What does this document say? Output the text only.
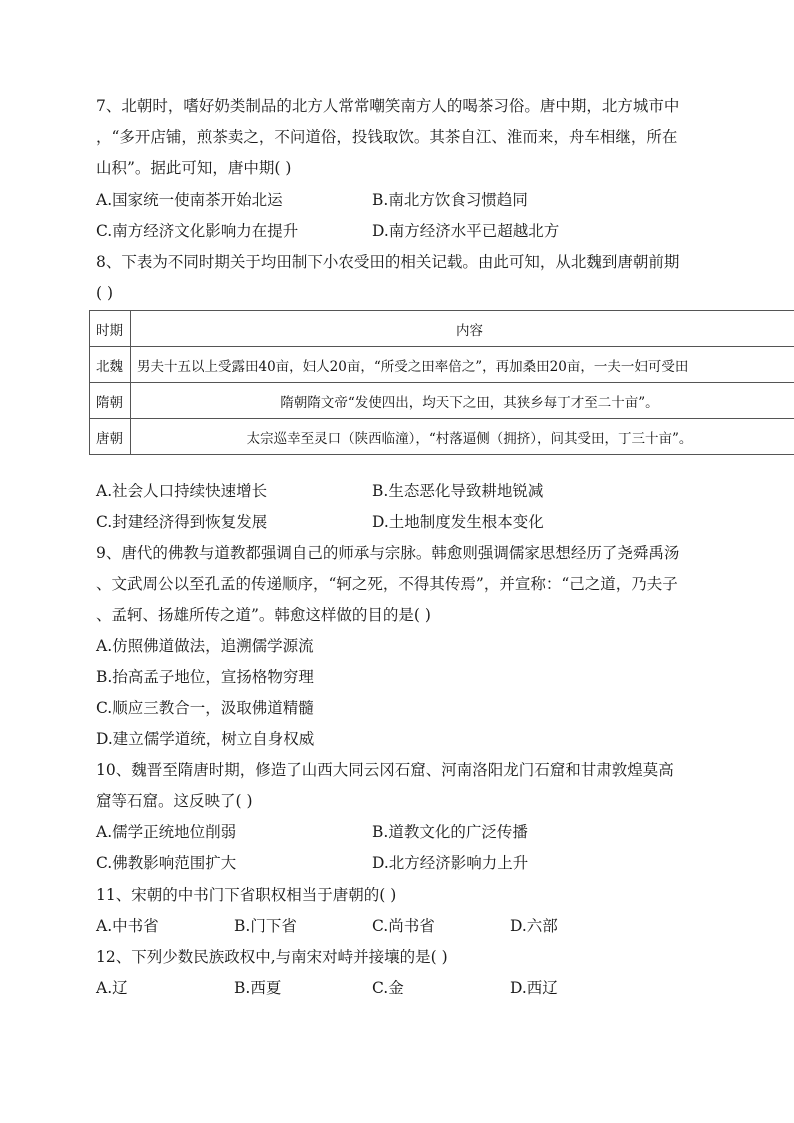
7、北朝时，嗜好奶类制品的北方人常常嘲笑南方人的喝茶习俗。唐中期，北方城市中
，“多开店铺，煎茶卖之，不问道俗，投钱取饮。其茶自江、淮而来，舟车相继，所在
山积”。据此可知，唐中期( )
A.国家统一使南茶开始北运	B.南北方饮食习惯趋同
C.南方经济文化影响力在提升	D.南方经济水平已超越北方
8、下表为不同时期关于均田制下小农受田的相关记载。由此可知，从北魏到唐朝前期
( )
时期	内容
北魏	男夫十五以上受露田40亩，妇人20亩，“所受之田率倍之”，再加桑田20亩，一夫一妇可受田
隋朝	隋朝隋文帝“发使四出，均天下之田，其狭乡每丁才至二十亩”。
唐朝	太宗巡幸至灵口（陕西临潼），“村落逼侧（拥挤），问其受田，丁三十亩”。
A.社会人口持续快速增长	B.生态恶化导致耕地锐减
C.封建经济得到恢复发展	D.土地制度发生根本变化
9、唐代的佛教与道教都强调自己的师承与宗脉。韩愈则强调儒家思想经历了尧舜禹汤
、文武周公以至孔孟的传递顺序，“轲之死，不得其传焉”，并宣称：“己之道，乃夫子
、孟轲、扬雄所传之道”。韩愈这样做的目的是( )
A.仿照佛道做法，追溯儒学源流
B.抬高孟子地位，宣扬格物穷理
C.顺应三教合一，汲取佛道精髓
D.建立儒学道统，树立自身权威
10、魏晋至隋唐时期，修造了山西大同云冈石窟、河南洛阳龙门石窟和甘肃敦煌莫高
窟等石窟。这反映了( )
A.儒学正统地位削弱	B.道教文化的广泛传播
C.佛教影响范围扩大	D.北方经济影响力上升
11、宋朝的中书门下省职权相当于唐朝的( )
A.中书省	B.门下省	C.尚书省	D.六部
12、下列少数民族政权中,与南宋对峙并接壤的是( )
A.辽	B.西夏	C.金	D.西辽
